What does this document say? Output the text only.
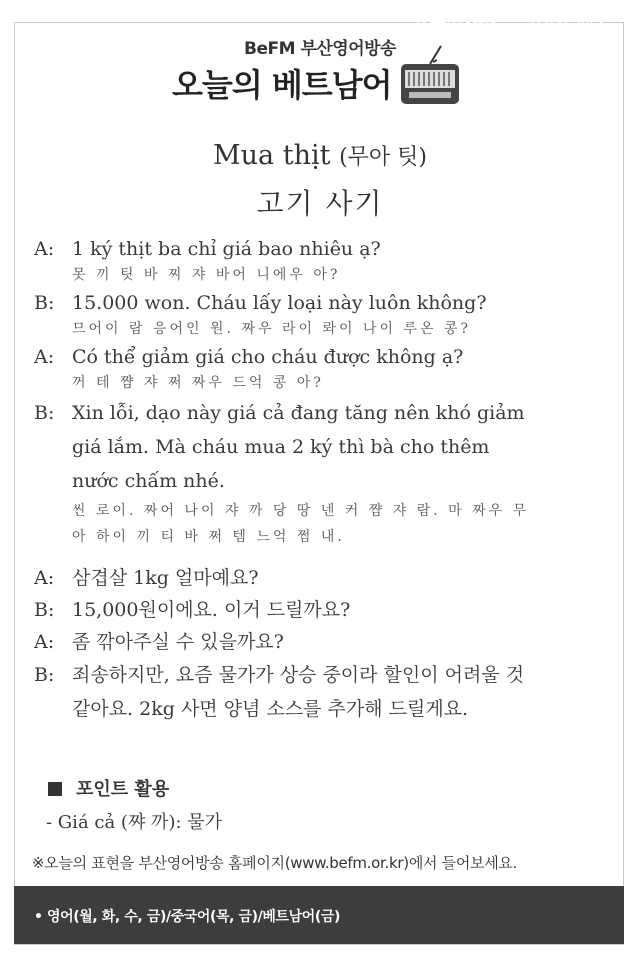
BeFM 부산영어방송
오늘의 베트남어
Mua thịt (무아 팃)
고기 사기
A: 1 ký thịt ba chỉ giá bao nhiêu ạ?
못 끼 팃 바 찌 쟈 바어 니에우 아?
B: 15.000 won. Cháu lấy loại này luôn không?
므어이 람 응어인 원. 짜우 라이 롸이 나이 루온 콩?
A: Có thể giảm giá cho cháu được không ạ?
꺼 테 쨤 쟈 쩌 짜우 드억 콩 아?
B: Xin lỗi, dạo này giá cả đang tăng nên khó giảm
giá lắm. Mà cháu mua 2 ký thì bà cho thêm
nước chấm nhé.
씬 로이. 짜어 나이 쟈 까 당 땅 넨 커 쨤 쟈 람. 마 짜우 무
아 하이 끼 티 바 쩌 템 느억 쩜 내.
A: 삼겹살 1kg 얼마예요?
B: 15,000원이에요. 이거 드릴까요?
A: 좀 깎아주실 수 있을까요?
B: 죄송하지만, 요즘 물가가 상승 중이라 할인이 어려울 것
같아요. 2kg 사면 양념 소스를 추가해 드릴게요.
포인트 활용
- Giá cả (쨔 까): 물가
※오늘의 표현을 부산영어방송 홈페이지(www.befm.or.kr)에서 들어보세요.
• 영어(월, 화, 수, 금)/중국어(목, 금)/베트남어(금)
FM
FM
905
103.3
BeFM
부산영어방송
Busan English Broadcasting
